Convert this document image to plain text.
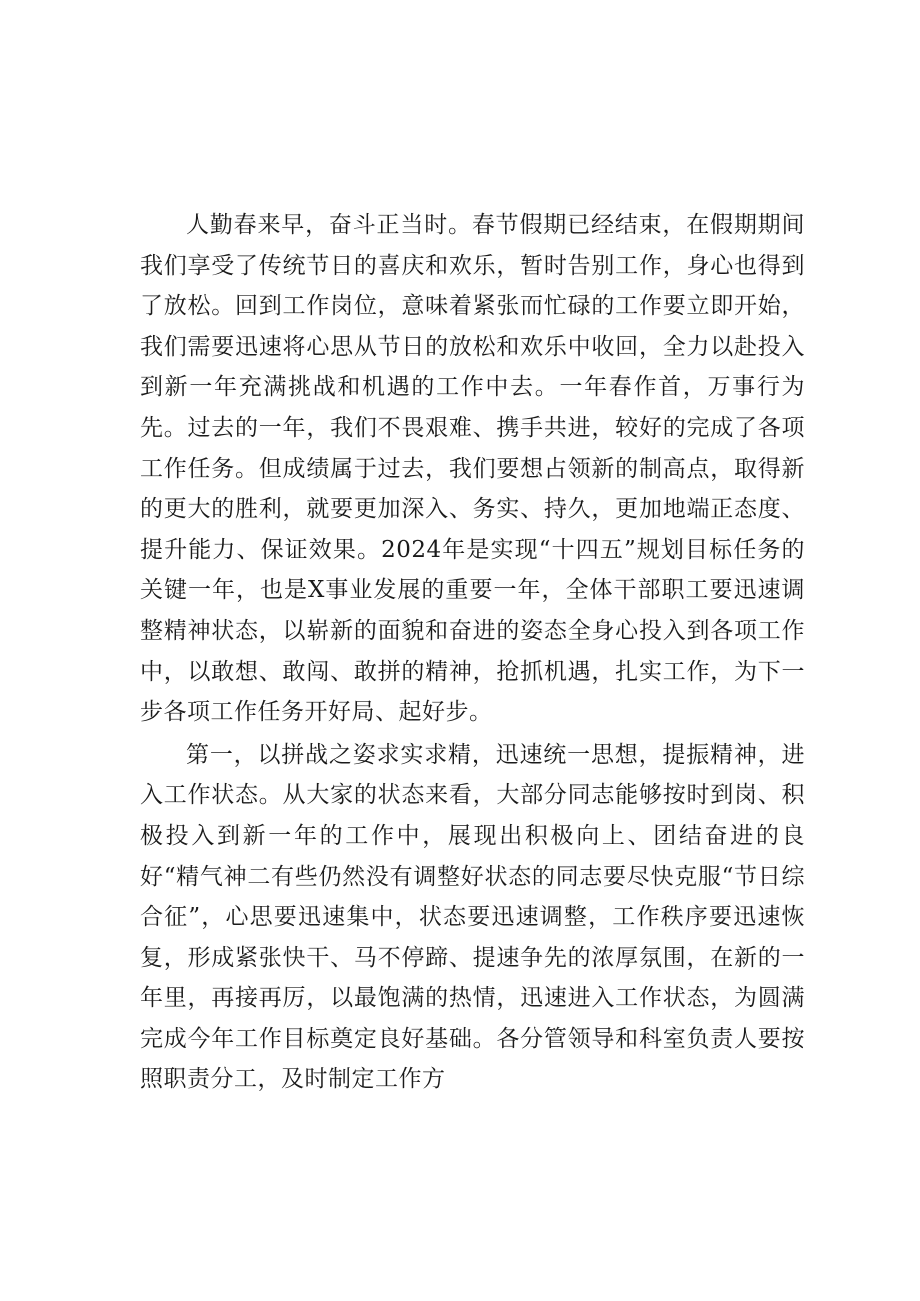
人勤春来早，奋斗正当时。春节假期已经结束，在假期期间我们享受了传统节日的喜庆和欢乐，暂时告别工作，身心也得到了放松。回到工作岗位，意味着紧张而忙碌的工作要立即开始，我们需要迅速将心思从节日的放松和欢乐中收回，全力以赴投入到新一年充满挑战和机遇的工作中去。一年春作首，万事行为先。过去的一年，我们不畏艰难、携手共进，较好的完成了各项工作任务。但成绩属于过去，我们要想占领新的制高点，取得新的更大的胜利，就要更加深入、务实、持久，更加地端正态度、提升能力、保证效果。2024年是实现“十四五”规划目标任务的关键一年，也是X事业发展的重要一年，全体干部职工要迅速调整精神状态，以崭新的面貌和奋进的姿态全身心投入到各项工作中，以敢想、敢闯、敢拼的精神，抢抓机遇，扎实工作，为下一步各项工作任务开好局、起好步。

第一，以拼战之姿求实求精，迅速统一思想，提振精神，进入工作状态。从大家的状态来看，大部分同志能够按时到岗、积极投入到新一年的工作中，展现出积极向上、团结奋进的良好“精气神二有些仍然没有调整好状态的同志要尽快克服“节日综合征”，心思要迅速集中，状态要迅速调整，工作秩序要迅速恢复，形成紧张快干、马不停蹄、提速争先的浓厚氛围，在新的一年里，再接再厉，以最饱满的热情，迅速进入工作状态，为圆满完成今年工作目标奠定良好基础。各分管领导和科室负责人要按照职责分工，及时制定工作方
